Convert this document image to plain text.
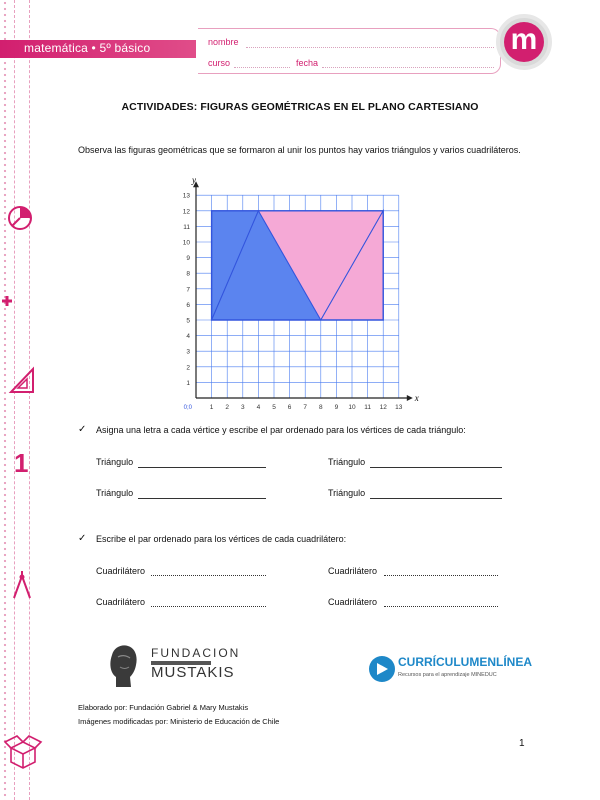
1
matemática • 5º básico	nombre
curso	fecha
m
ACTIVIDADES: FIGURAS GEOMÉTRICAS EN EL PLANO CARTESIANO
Observa las figuras geométricas que se formaron al unir los puntos hay varios triángulos y varios cuadriláteros.
1 2 3 4 5 6 7 8 9 10 11 12 13
1
2
3
4
5
6
7
8
9
10
11
12
13
x
y
0;0
✓ Asigna una letra a cada vértice y escribe el par ordenado para los vértices de cada triángulo:
Triángulo	Triángulo
Triángulo	Triángulo
✓ Escribe el par ordenado para los vértices de cada cuadrilátero:
Cuadrilátero	Cuadrilátero
Cuadrilátero	Cuadrilátero
FUNDACION
MUSTAKIS
CURRÍCULUMENLÍNEA
Recursos para el aprendizaje MINEDUC
Elaborado por: Fundación Gabriel & Mary Mustakis
Imágenes modificadas por: Ministerio de Educación de Chile
1
